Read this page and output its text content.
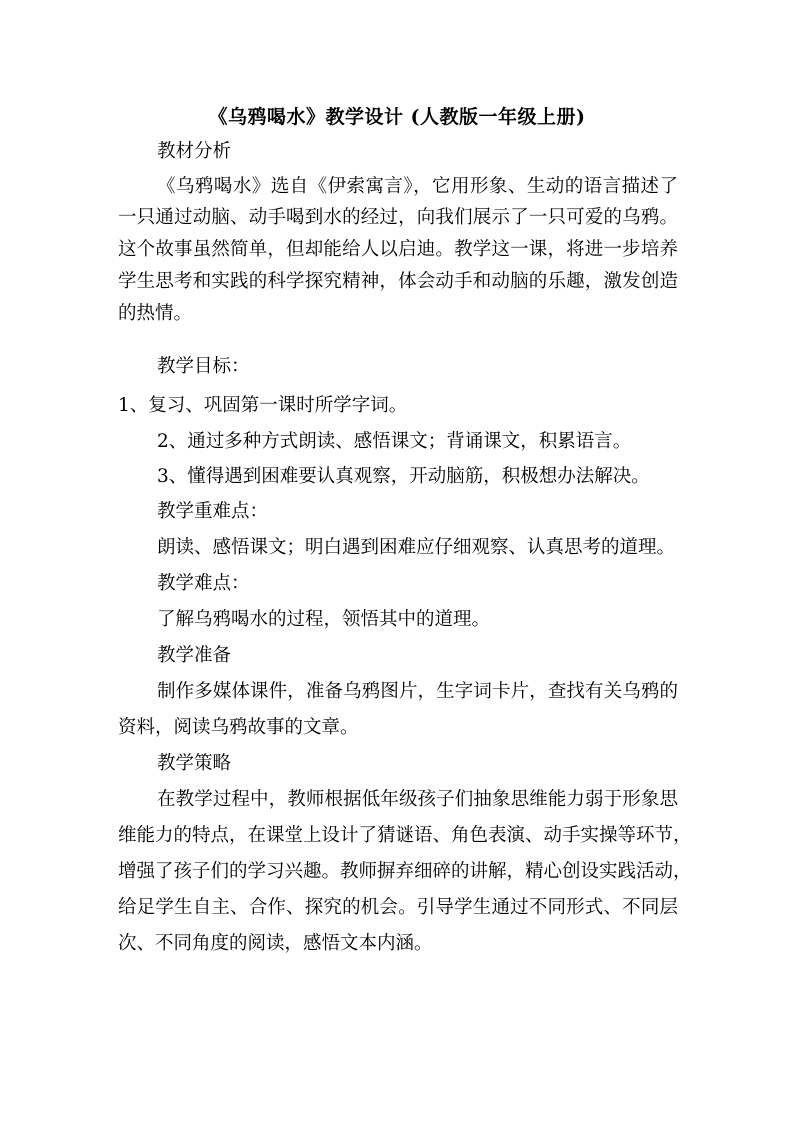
《乌鸦喝水》教学设计 (人教版一年级上册)
教材分析
《乌鸦喝水》选自《伊索寓言》，它用形象、生动的语言描述了
一只通过动脑、动手喝到水的经过，向我们展示了一只可爱的乌鸦。
这个故事虽然简单，但却能给人以启迪。教学这一课，将进一步培养
学生思考和实践的科学探究精神，体会动手和动脑的乐趣，激发创造
的热情。
教学目标：
1、复习、巩固第一课时所学字词。
2、通过多种方式朗读、感悟课文；背诵课文，积累语言。
3、懂得遇到困难要认真观察，开动脑筋，积极想办法解决。
教学重难点：
朗读、感悟课文；明白遇到困难应仔细观察、认真思考的道理。
教学难点：
了解乌鸦喝水的过程，领悟其中的道理。
教学准备
制作多媒体课件，准备乌鸦图片，生字词卡片，查找有关乌鸦的
资料，阅读乌鸦故事的文章。
教学策略
在教学过程中，教师根据低年级孩子们抽象思维能力弱于形象思
维能力的特点，在课堂上设计了猜谜语、角色表演、动手实操等环节，
增强了孩子们的学习兴趣。教师摒弃细碎的讲解，精心创设实践活动，
给足学生自主、合作、探究的机会。引导学生通过不同形式、不同层
次、不同角度的阅读，感悟文本内涵。
